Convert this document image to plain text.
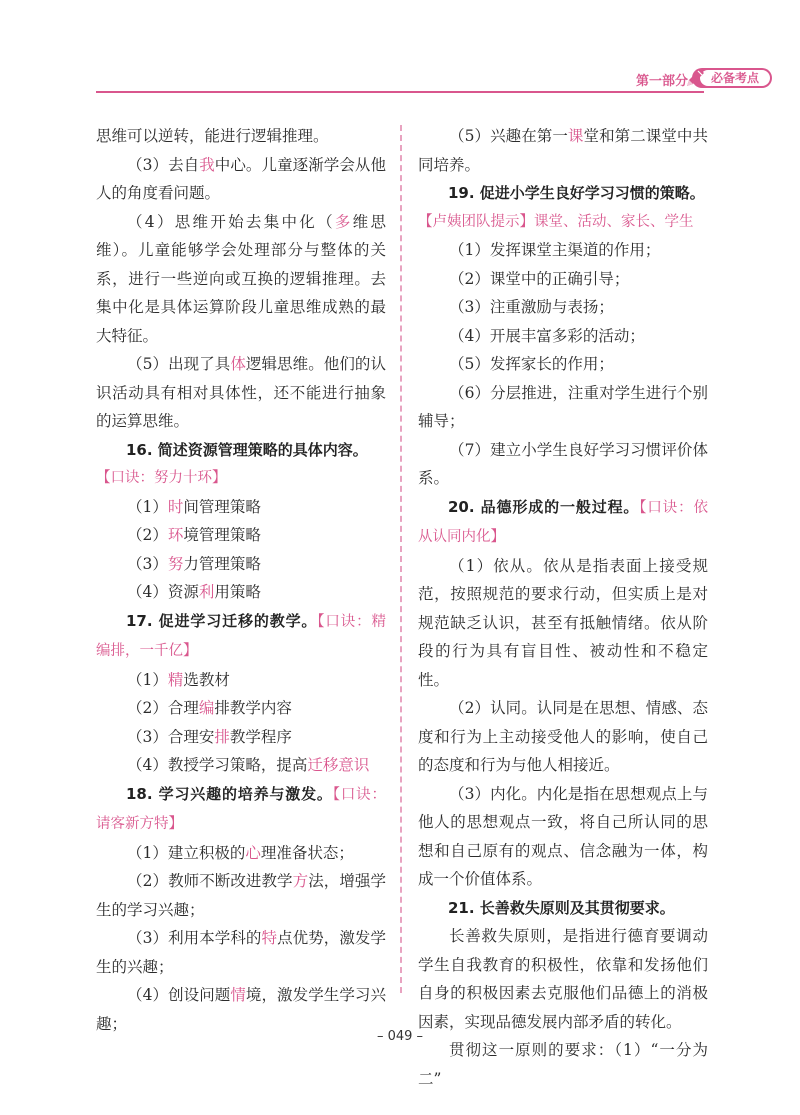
第一部分	必备考点

思维可以逆转，能进行逻辑推理。

（3）去自我中心。儿童逐渐学会从他人的角度看问题。

（4）思维开始去集中化（多维思维）。儿童能够学会处理部分与整体的关系，进行一些逆向或互换的逻辑推理。去集中化是具体运算阶段儿童思维成熟的最大特征。

（5）出现了具体逻辑思维。他们的认识活动具有相对具体性，还不能进行抽象的运算思维。

16. 简述资源管理策略的具体内容。

【口诀：努力十环】

（1）时间管理策略

（2）环境管理策略

（3）努力管理策略

（4）资源利用策略

17. 促进学习迁移的教学。【口诀：精编排，一千亿】

（1）精选教材

（2）合理编排教学内容

（3）合理安排教学程序

（4）教授学习策略，提高迁移意识

18. 学习兴趣的培养与激发。【口诀：请客新方特】

（1）建立积极的心理准备状态；

（2）教师不断改进教学方法，增强学生的学习兴趣；

（3）利用本学科的特点优势，激发学生的兴趣；

（4）创设问题情境，激发学生学习兴趣；

（5）兴趣在第一课堂和第二课堂中共同培养。

19. 促进小学生良好学习习惯的策略。

【卢姨团队提示】课堂、活动、家长、学生

（1）发挥课堂主渠道的作用；

（2）课堂中的正确引导；

（3）注重激励与表扬；

（4）开展丰富多彩的活动；

（5）发挥家长的作用；

（6）分层推进，注重对学生进行个别辅导；

（7）建立小学生良好学习习惯评价体系。

20. 品德形成的一般过程。【口诀：依从认同内化】

（1）依从。依从是指表面上接受规范，按照规范的要求行动，但实质上是对规范缺乏认识，甚至有抵触情绪。依从阶段的行为具有盲目性、被动性和不稳定性。

（2）认同。认同是在思想、情感、态度和行为上主动接受他人的影响，使自己的态度和行为与他人相接近。

（3）内化。内化是指在思想观点上与他人的思想观点一致，将自己所认同的思想和自己原有的观点、信念融为一体，构成一个价值体系。

21. 长善救失原则及其贯彻要求。

长善救失原则，是指进行德育要调动学生自我教育的积极性，依靠和发扬他们自身的积极因素去克服他们品德上的消极因素，实现品德发展内部矛盾的转化。

贯彻这一原则的要求：（1）“一分为二”

– 049 –
